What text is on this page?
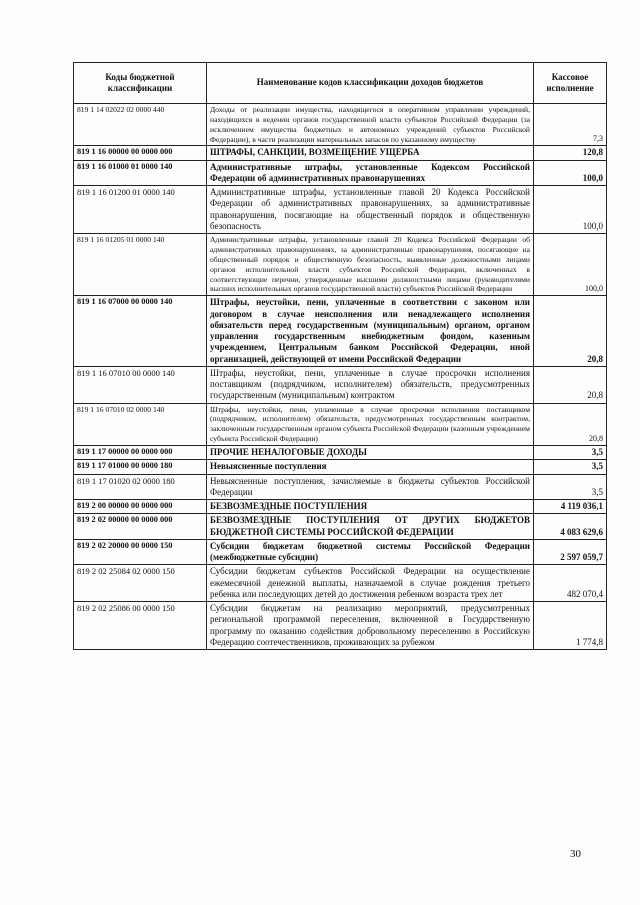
Коды бюджетной классификации	Наименование кодов классификации доходов бюджетов	Кассовое исполнение
819 1 14 02022 02 0000 440	Доходы от реализации имущества, находящегося в оперативном управлении учреждений, находящихся в ведении органов государственной власти субъектов Российской Федерации (за исключением имущества бюджетных и автономных учреждений субъектов Российской Федерации), в части реализации материальных запасов по указанному имуществу	7,3
819 1 16 00000 00 0000 000	ШТРАФЫ, САНКЦИИ, ВОЗМЕЩЕНИЕ УЩЕРБА	120,8
819 1 16 01000 01 0000 140	Административные штрафы, установленные Кодексом Российской Федерации об административных правонарушениях	100,0
819 1 16 01200 01 0000 140	Административные штрафы, установленные главой 20 Кодекса Российской Федерации об административных правонарушениях, за административные правонарушения, посягающие на общественный порядок и общественную безопасность	100,0
819 1 16 01205 01 0000 140	Административные штрафы, установленные главой 20 Кодекса Российской Федерации об административных правонарушениях, за административные правонарушения, посягающие на общественный порядок и общественную безопасность, выявленные должностными лицами органов исполнительной власти субъектов Российской Федерации, включенных в соответствующие перечни, утвержденные высшими должностными лицами (руководителями высших исполнительных органов государственной власти) субъектов Российской Федерации	100,0
819 1 16 07000 00 0000 140	Штрафы, неустойки, пени, уплаченные в соответствии с законом или договором в случае неисполнения или ненадлежащего исполнения обязательств перед государственным (муниципальным) органом, органом управления государственным внебюджетным фондом, казенным учреждением, Центральным банком Российской Федерации, иной организацией, действующей от имени Российской Федерации	20,8
819 1 16 07010 00 0000 140	Штрафы, неустойки, пени, уплаченные в случае просрочки исполнения поставщиком (подрядчиком, исполнителем) обязательств, предусмотренных государственным (муниципальным) контрактом	20,8
819 1 16 07010 02 0000 140	Штрафы, неустойки, пени, уплаченные в случае просрочки исполнения поставщиком (подрядчиком, исполнителем) обязательств, предусмотренных государственным контрактом, заключенным государственным органом субъекта Российской Федерации (казенным учреждением субъекта Российской Федерации)	20,8
819 1 17 00000 00 0000 000	ПРОЧИЕ НЕНАЛОГОВЫЕ ДОХОДЫ	3,5
819 1 17 01000 00 0000 180	Невыясненные поступления	3,5
819 1 17 01020 02 0000 180	Невыясненные поступления, зачисляемые в бюджеты субъектов Российской Федерации	3,5
819 2 00 00000 00 0000 000	БЕЗВОЗМЕЗДНЫЕ ПОСТУПЛЕНИЯ	4 119 036,1
819 2 02 00000 00 0000 000	БЕЗВОЗМЕЗДНЫЕ ПОСТУПЛЕНИЯ ОТ ДРУГИХ БЮДЖЕТОВ БЮДЖЕТНОЙ СИСТЕМЫ РОССИЙСКОЙ ФЕДЕРАЦИИ	4 083 629,6
819 2 02 20000 00 0000 150	Субсидии бюджетам бюджетной системы Российской Федерации (межбюджетные субсидии)	2 597 059,7
819 2 02 25084 02 0000 150	Субсидии бюджетам субъектов Российской Федерации на осуществление ежемесячной денежной выплаты, назначаемой в случае рождения третьего ребенка или последующих детей до достижения ребенком возраста трех лет	482 070,4
819 2 02 25086 00 0000 150	Субсидии бюджетам на реализацию мероприятий, предусмотренных региональной программой переселения, включенной в Государственную программу по оказанию содействия добровольному переселению в Российскую Федерацию соотечественников, проживающих за рубежом	1 774,8
30
